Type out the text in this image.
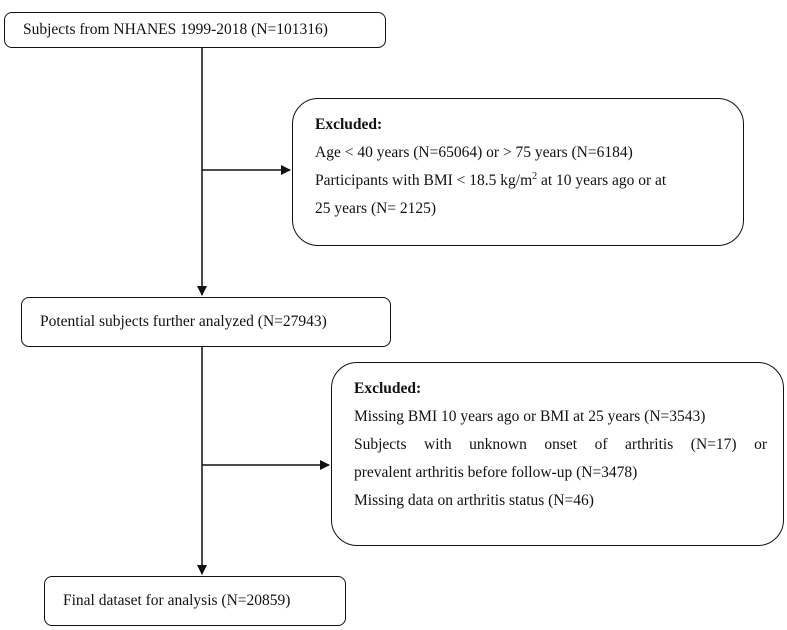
Subjects from NHANES 1999-2018 (N=101316)
Excluded:
Age < 40 years (N=65064) or > 75 years (N=6184)
Participants with BMI < 18.5 $kg/m^2$ at 10 years ago or at
25 years (N= 2125)
Potential subjects further analyzed (N=27943)
Excluded:
Missing BMI 10 years ago or BMI at 25 years (N=3543)
Subjects with unknown onset of arthritis (N=17) or
prevalent arthritis before follow-up (N=3478)
Missing data on arthritis status (N=46)
Final dataset for analysis (N=20859)
